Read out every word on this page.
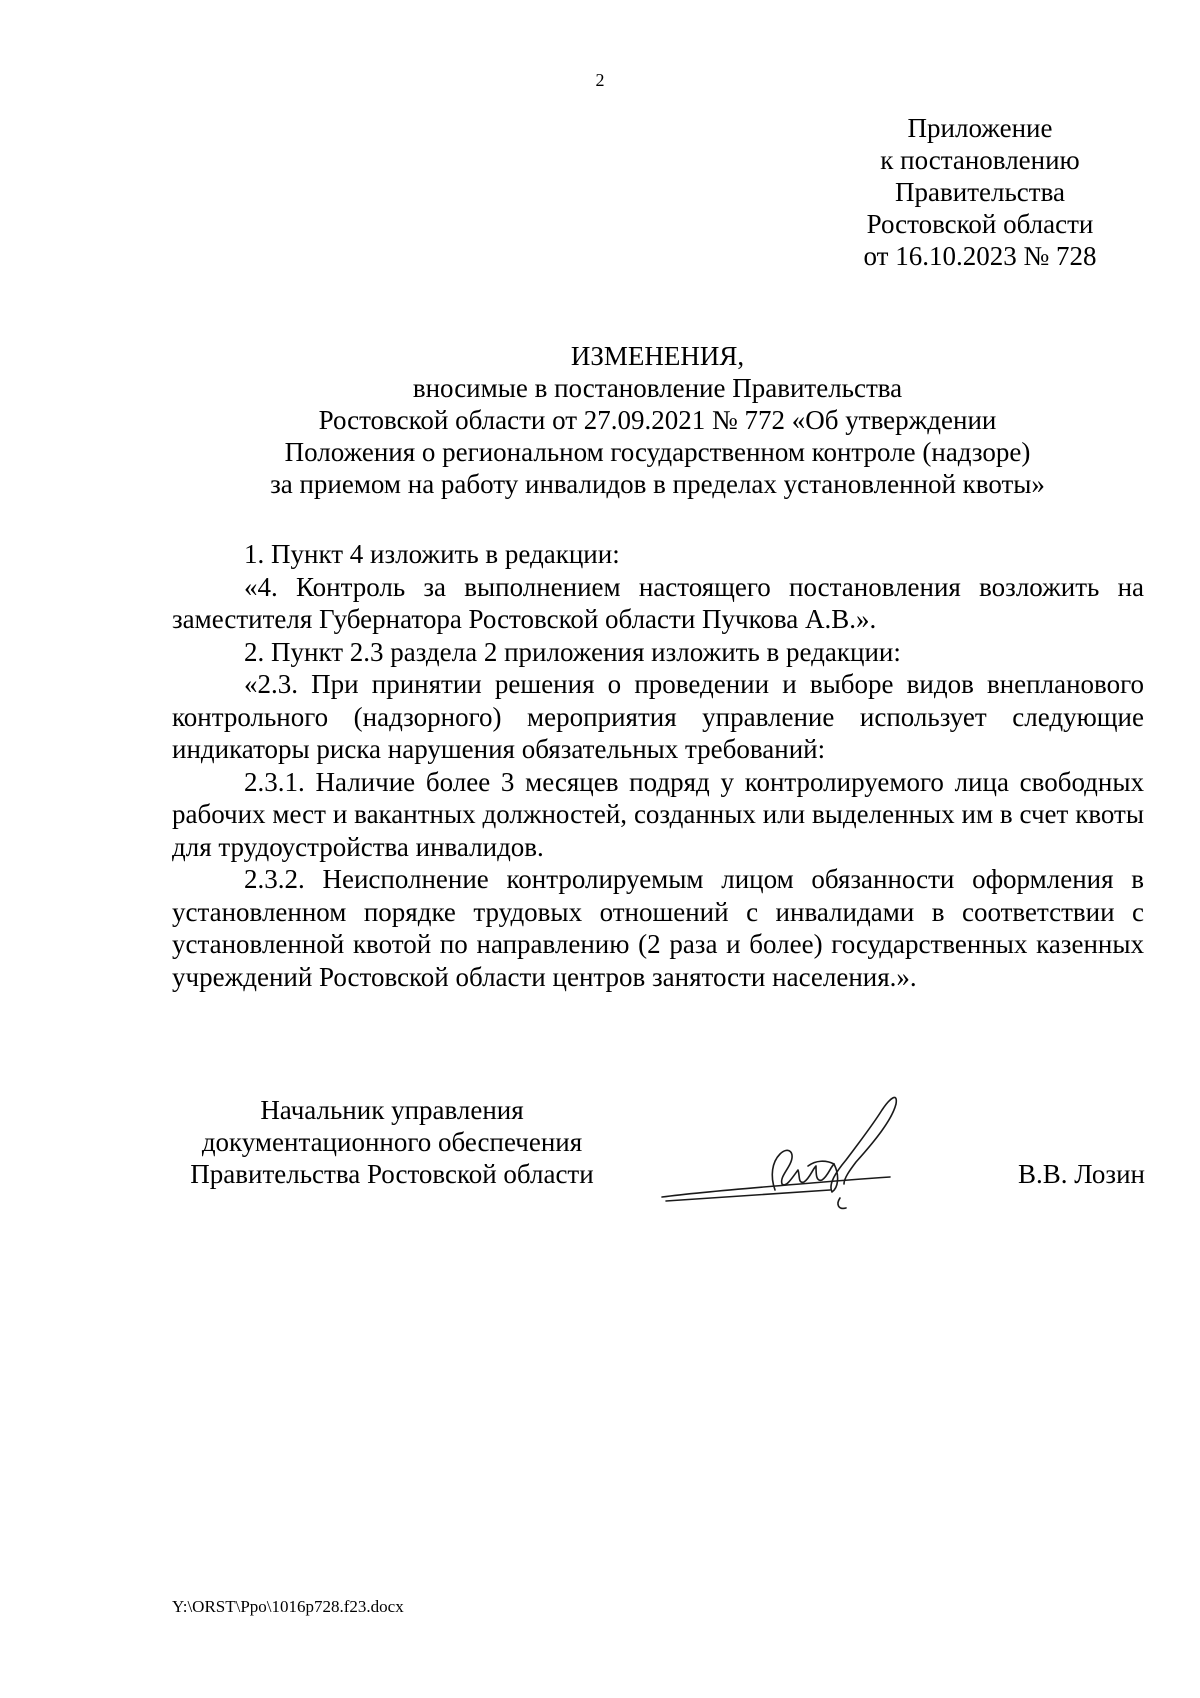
2
Приложение
к постановлению
Правительства
Ростовской области
от 16.10.2023 № 728
ИЗМЕНЕНИЯ,
вносимые в постановление Правительства
Ростовской области от 27.09.2021 № 772 «Об утверждении
Положения о региональном государственном контроле (надзоре)
за приемом на работу инвалидов в пределах установленной квоты»

1. Пункт 4 изложить в редакции:

«4. Контроль за выполнением настоящего постановления возложить на заместителя Губернатора Ростовской области Пучкова А.В.».

2. Пункт 2.3 раздела 2 приложения изложить в редакции:

«2.3. При принятии решения о проведении и выборе видов внепланового контрольного (надзорного) мероприятия управление использует следующие индикаторы риска нарушения обязательных требований:

2.3.1. Наличие более 3 месяцев подряд у контролируемого лица свободных рабочих мест и вакантных должностей, созданных или выделенных им в счет квоты для трудоустройства инвалидов.

2.3.2. Неисполнение контролируемым лицом обязанности оформления в установленном порядке трудовых отношений с инвалидами в соответствии с установленной квотой по направлению (2 раза и более) государственных казенных учреждений Ростовской области центров занятости населения.».

Начальник управления
документационного обеспечения
Правительства Ростовской области	В.В. Лозин
Y:\ORST\Ppo\1016p728.f23.docx
